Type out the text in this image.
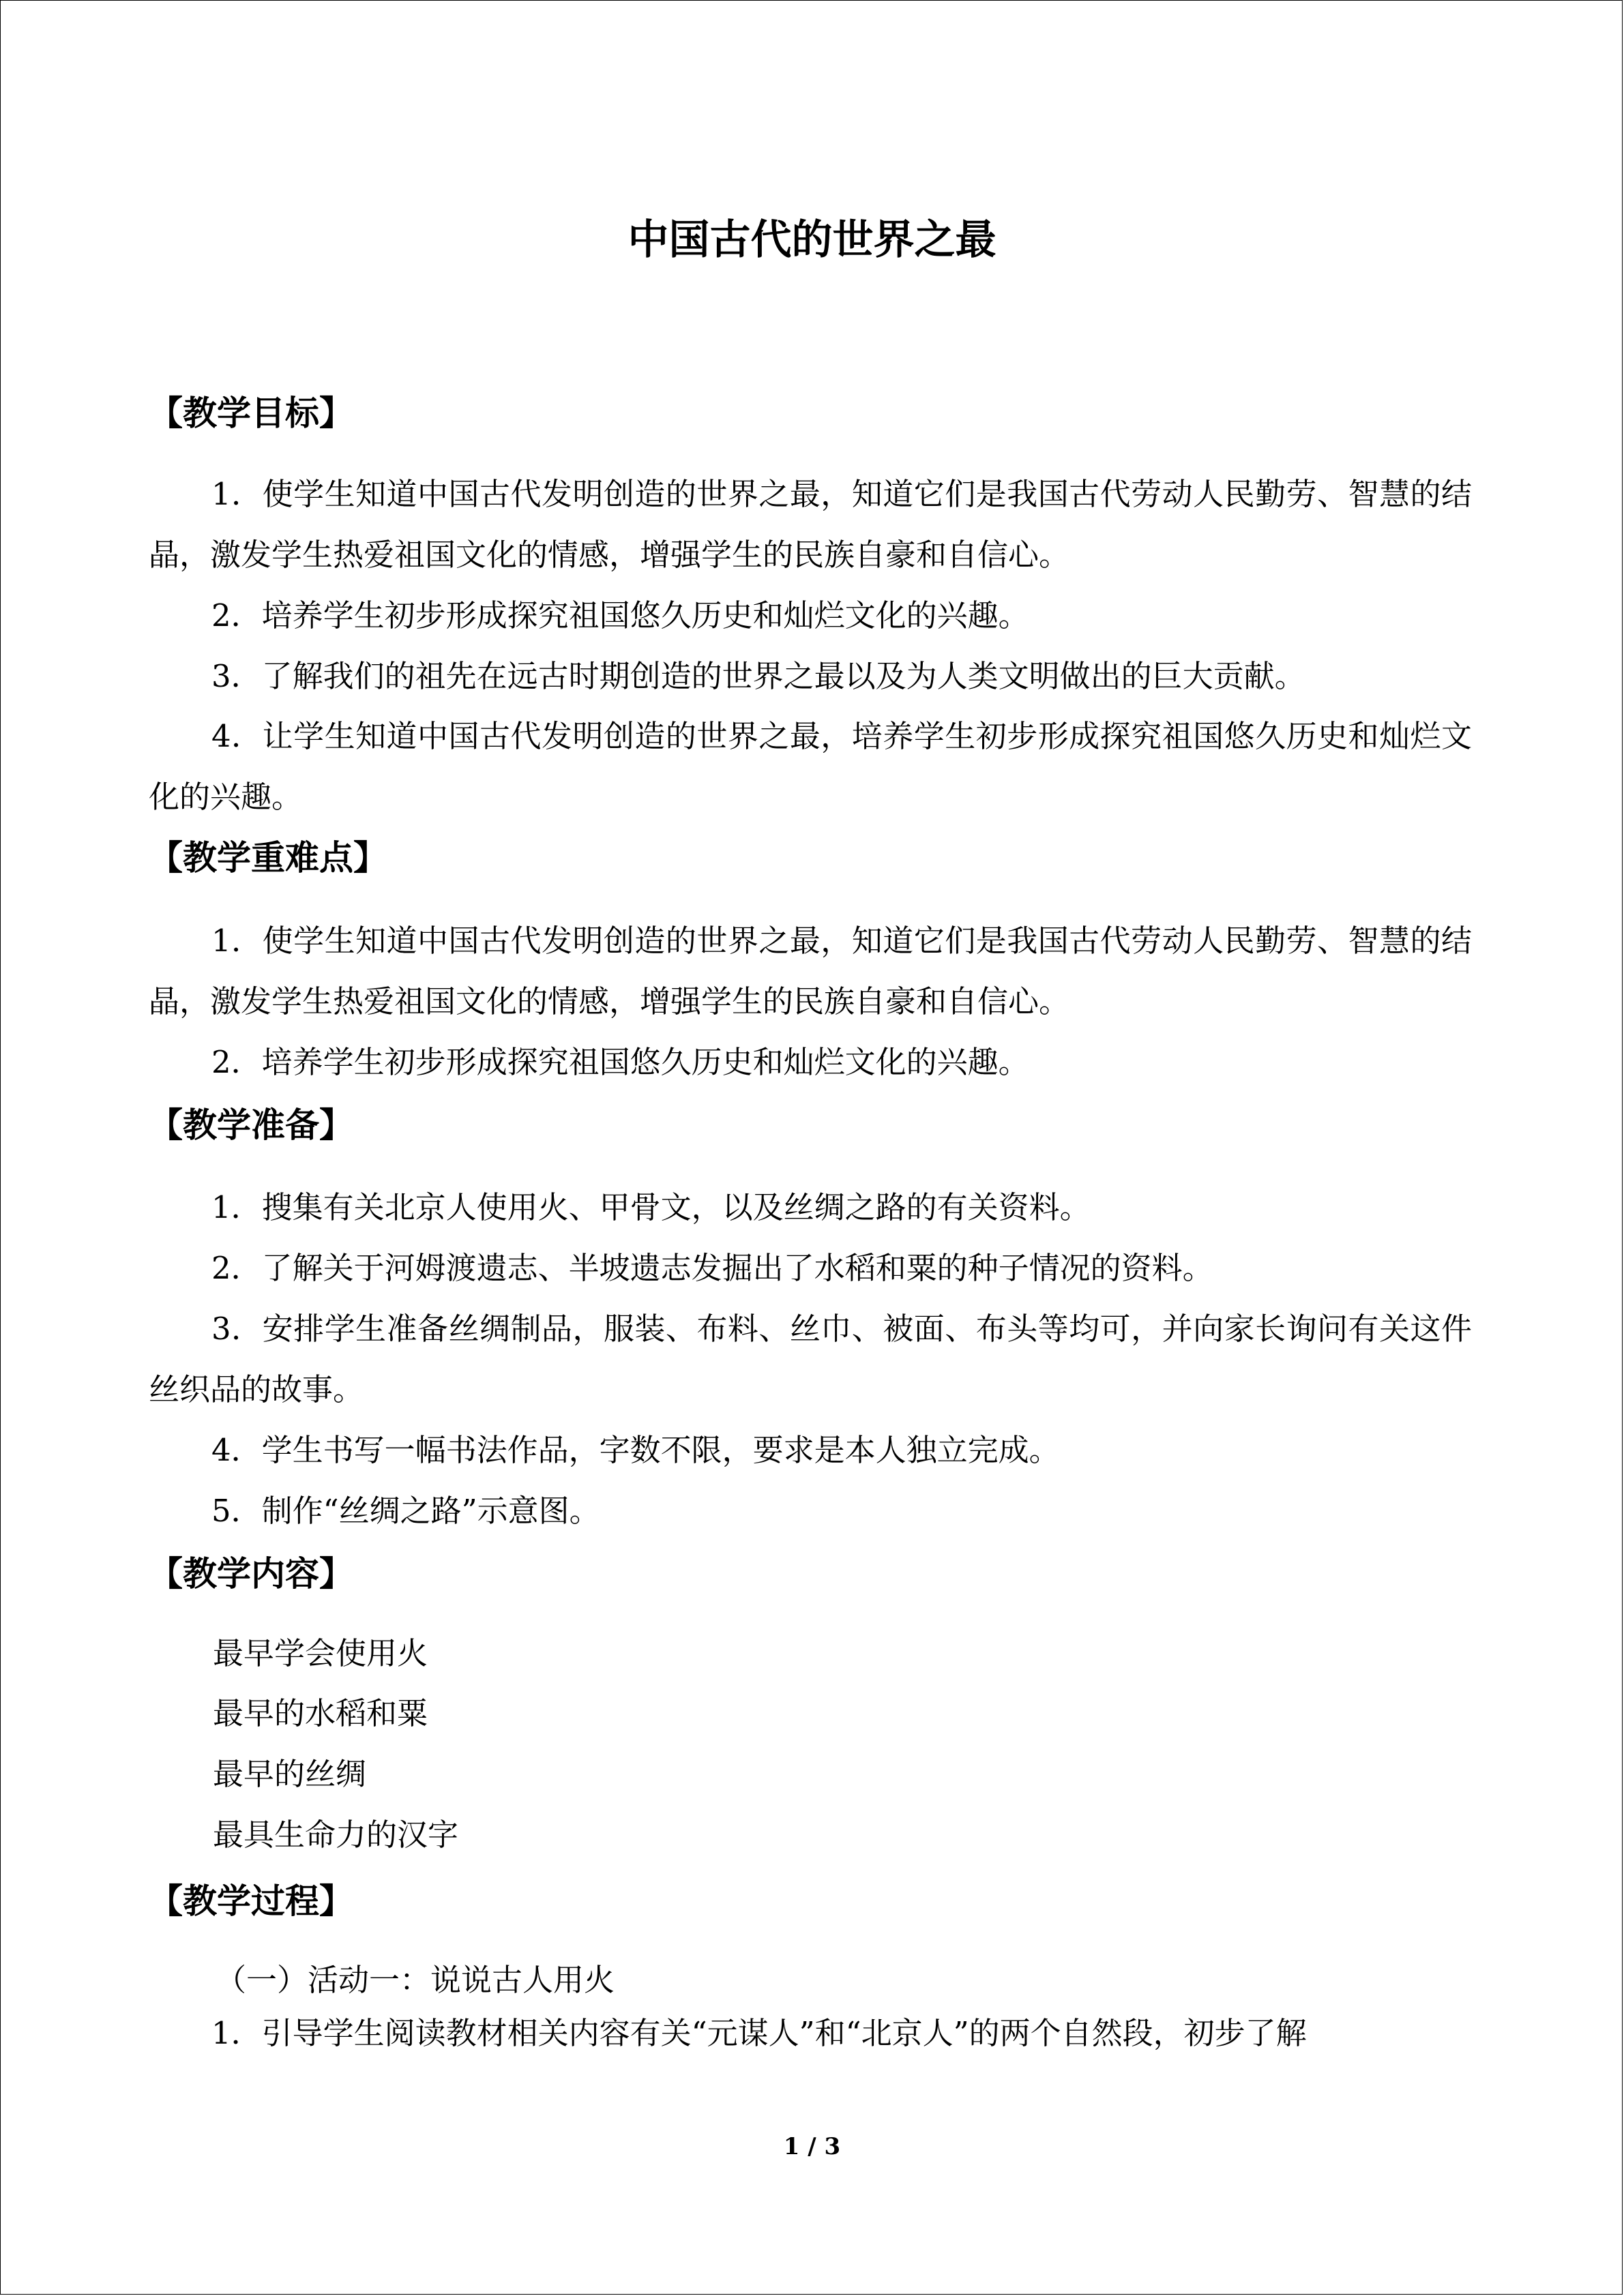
中国古代的世界之最
【教学目标】
1．使学生知道中国古代发明创造的世界之最，知道它们是我国古代劳动人民勤劳、智慧的结晶，激发学生热爱祖国文化的情感，增强学生的民族自豪和自信心。
2．培养学生初步形成探究祖国悠久历史和灿烂文化的兴趣。
3．了解我们的祖先在远古时期创造的世界之最以及为人类文明做出的巨大贡献。
4．让学生知道中国古代发明创造的世界之最，培养学生初步形成探究祖国悠久历史和灿烂文化的兴趣。
【教学重难点】
1．使学生知道中国古代发明创造的世界之最，知道它们是我国古代劳动人民勤劳、智慧的结晶，激发学生热爱祖国文化的情感，增强学生的民族自豪和自信心。
2．培养学生初步形成探究祖国悠久历史和灿烂文化的兴趣。
【教学准备】
1．搜集有关北京人使用火、甲骨文，以及丝绸之路的有关资料。
2．了解关于河姆渡遗志、半坡遗志发掘出了水稻和粟的种子情况的资料。
3．安排学生准备丝绸制品，服装、布料、丝巾、被面、布头等均可，并向家长询问有关这件丝织品的故事。
4．学生书写一幅书法作品，字数不限，要求是本人独立完成。
5．制作“丝绸之路”示意图。
【教学内容】
最早学会使用火
最早的水稻和粟
最早的丝绸
最具生命力的汉字
【教学过程】
（一）活动一：说说古人用火
1．引导学生阅读教材相关内容有关“元谋人”和“北京人”的两个自然段，初步了解
1 / 3
